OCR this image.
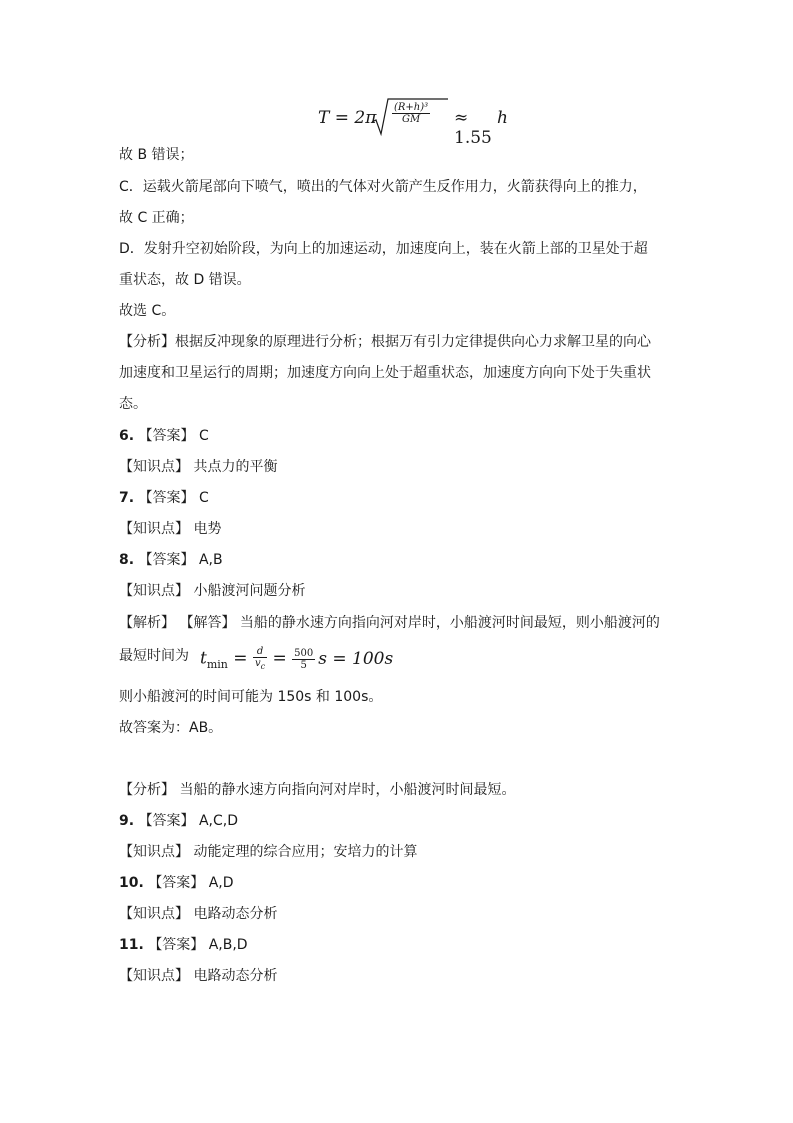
$T = 2\pi \frac{\text{(R+h)³}}{GM} \approx 1.55$
h
故 B 错误；
C．运载火箭尾部向下喷气，喷出的气体对火箭产生反作用力，火箭获得向上的推力，
故 C 正确；
D．发射升空初始阶段，为向上的加速运动，加速度向上，装在火箭上部的卫星处于超
重状态，故 D 错误。
故选 C。
【分析】根据反冲现象的原理进行分析；根据万有引力定律提供向心力求解卫星的向心
加速度和卫星运行的周期；加速度方向向上处于超重状态，加速度方向向下处于失重状
态。
6. 【答案】 C
【知识点】 共点力的平衡
7. 【答案】 C
【知识点】 电势
8. 【答案】 A,B
【知识点】 小船渡河问题分析
【解析】 【解答】 当船的静水速方向指向河对岸时，小船渡河时间最短，则小船渡河的
最短时间为 $t_{min} = \frac{d}{v_c} = \frac{500}{5}$ s = 100s
则小船渡河的时间可能为 150s 和 100s。
故答案为：AB。
【分析】 当船的静水速方向指向河对岸时，小船渡河时间最短。
9. 【答案】 A,C,D
【知识点】 动能定理的综合应用；安培力的计算
10. 【答案】 A,D
【知识点】 电路动态分析
11. 【答案】 A,B,D
【知识点】 电路动态分析
